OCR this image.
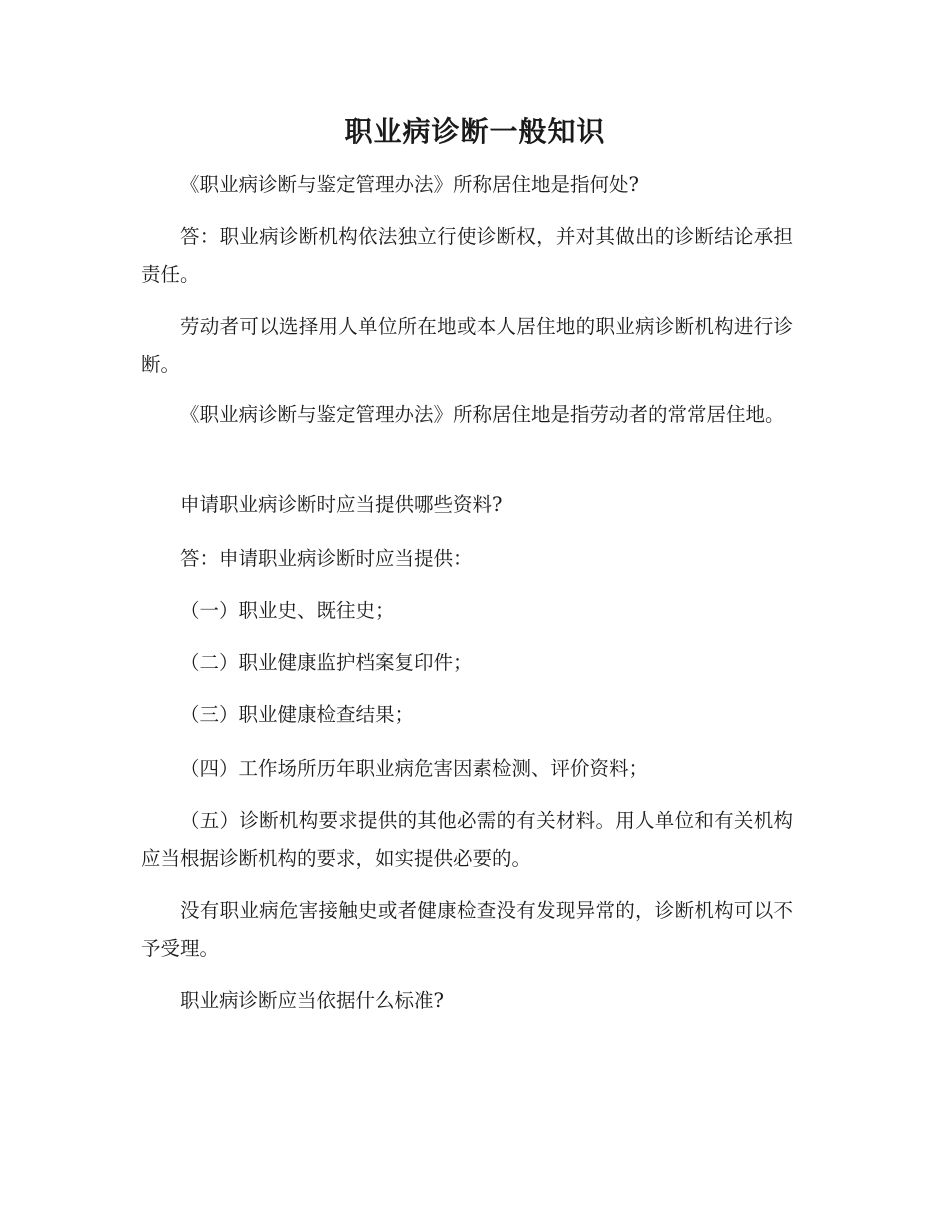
职业病诊断一般知识

《职业病诊断与鉴定管理办法》所称居住地是指何处?

答：职业病诊断机构依法独立行使诊断权，并对其做出的诊断结论承担责任。

劳动者可以选择用人单位所在地或本人居住地的职业病诊断机构进行诊断。

《职业病诊断与鉴定管理办法》所称居住地是指劳动者的常常居住地。

申请职业病诊断时应当提供哪些资料?

答：申请职业病诊断时应当提供：

（一）职业史、既往史；

（二）职业健康监护档案复印件；

（三）职业健康检查结果；

（四）工作场所历年职业病危害因素检测、评价资料；

（五）诊断机构要求提供的其他必需的有关材料。用人单位和有关机构应当根据诊断机构的要求，如实提供必要的。

没有职业病危害接触史或者健康检查没有发现异常的，诊断机构可以不予受理。

职业病诊断应当依据什么标准?
